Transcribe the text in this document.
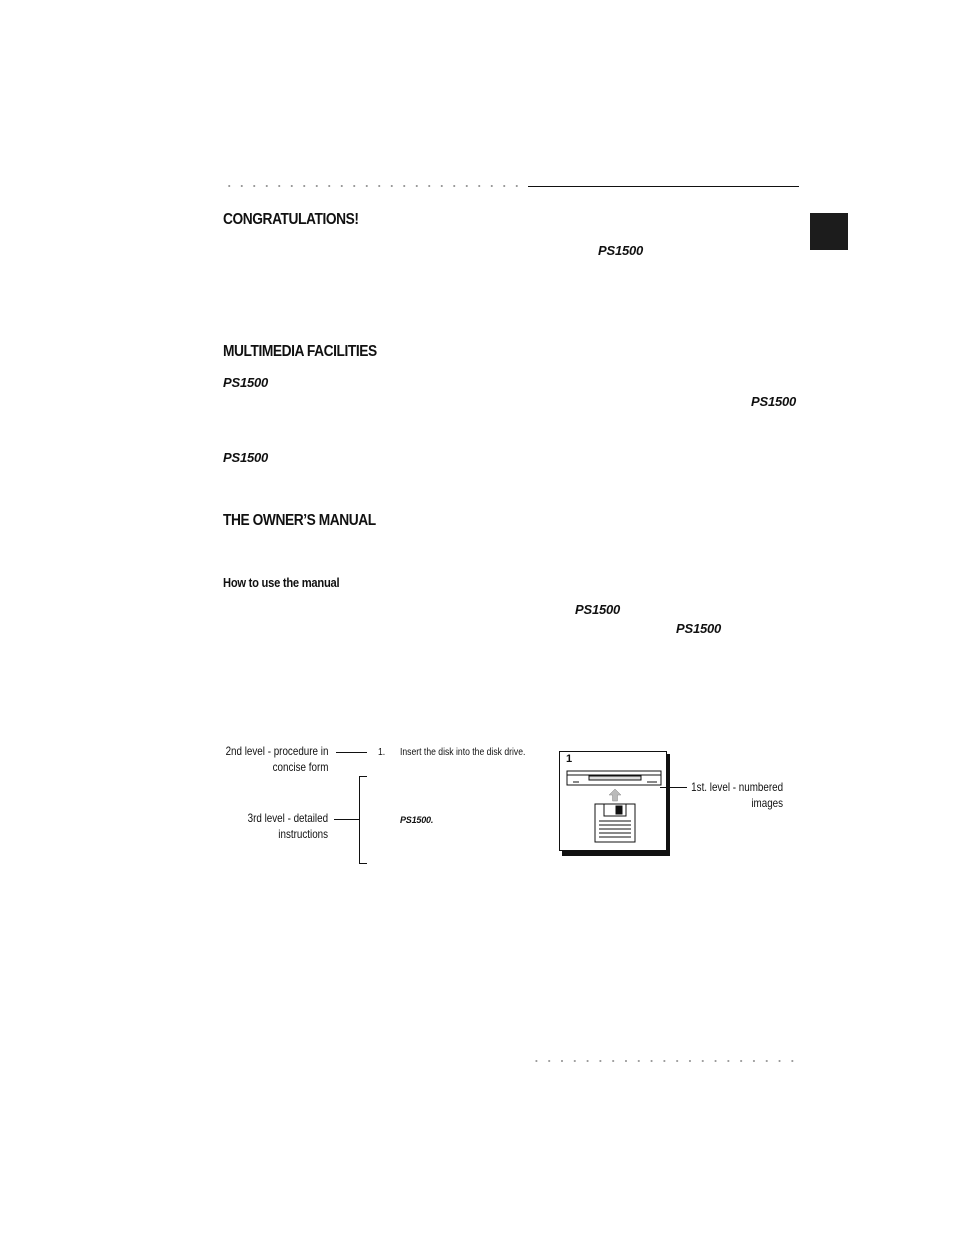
CONGRATULATIONS!
PS1500
MULTIMEDIA FACILITIES
PS1500
PS1500
PS1500
THE OWNER’S MANUAL
How to use the manual
PS1500
PS1500
2nd level - procedure in
concise form
3rd level - detailed
instructions
1. Insert the disk into the disk drive.
PS1500.
1
1st. level - numbered
images
